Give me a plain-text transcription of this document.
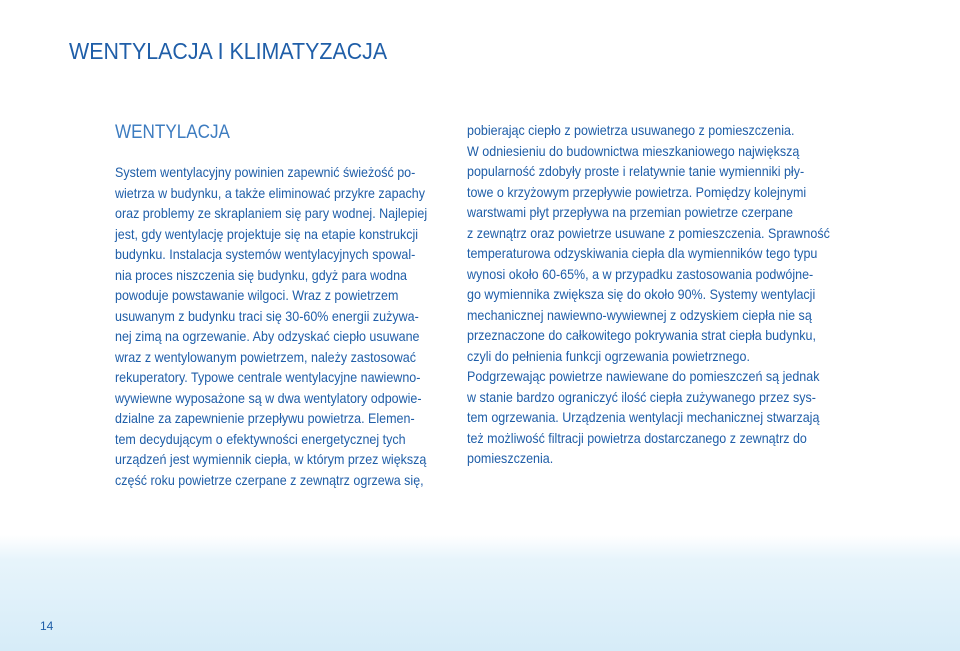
WENTYLACJA I KLIMATYZACJA
WENTYLACJA
System wentylacyjny powinien zapewnić świeżość po-
wietrza w budynku, a także eliminować przykre zapachy
oraz problemy ze skraplaniem się pary wodnej. Najlepiej
jest, gdy wentylację projektuje się na etapie konstrukcji
budynku. Instalacja systemów wentylacyjnych spowal-
nia proces niszczenia się budynku, gdyż para wodna
powoduje powstawanie wilgoci. Wraz z powietrzem
usuwanym z budynku traci się 30-60% energii zużywa-
nej zimą na ogrzewanie. Aby odzyskać ciepło usuwane
wraz z wentylowanym powietrzem, należy zastosować
rekuperatory. Typowe centrale wentylacyjne nawiewno-
wywiewne wyposażone są w dwa wentylatory odpowie-
dzialne za zapewnienie przepływu powietrza. Elemen-
tem decydującym o efektywności energetycznej tych
urządzeń jest wymiennik ciepła, w którym przez większą
część roku powietrze czerpane z zewnątrz ogrzewa się,
pobierając ciepło z powietrza usuwanego z pomieszczenia.
W odniesieniu do budownictwa mieszkaniowego największą
popularność zdobyły proste i relatywnie tanie wymienniki pły-
towe o krzyżowym przepływie powietrza. Pomiędzy kolejnymi
warstwami płyt przepływa na przemian powietrze czerpane
z zewnątrz oraz powietrze usuwane z pomieszczenia. Sprawność
temperaturowa odzyskiwania ciepła dla wymienników tego typu
wynosi około 60-65%, a w przypadku zastosowania podwójne-
go wymiennika zwiększa się do około 90%. Systemy wentylacji
mechanicznej nawiewno-wywiewnej z odzyskiem ciepła nie są
przeznaczone do całkowitego pokrywania strat ciepła budynku,
czyli do pełnienia funkcji ogrzewania powietrznego.
Podgrzewając powietrze nawiewane do pomieszczeń są jednak
w stanie bardzo ograniczyć ilość ciepła zużywanego przez sys-
tem ogrzewania. Urządzenia wentylacji mechanicznej stwarzają
też możliwość filtracji powietrza dostarczanego z zewnątrz do
pomieszczenia.
14
